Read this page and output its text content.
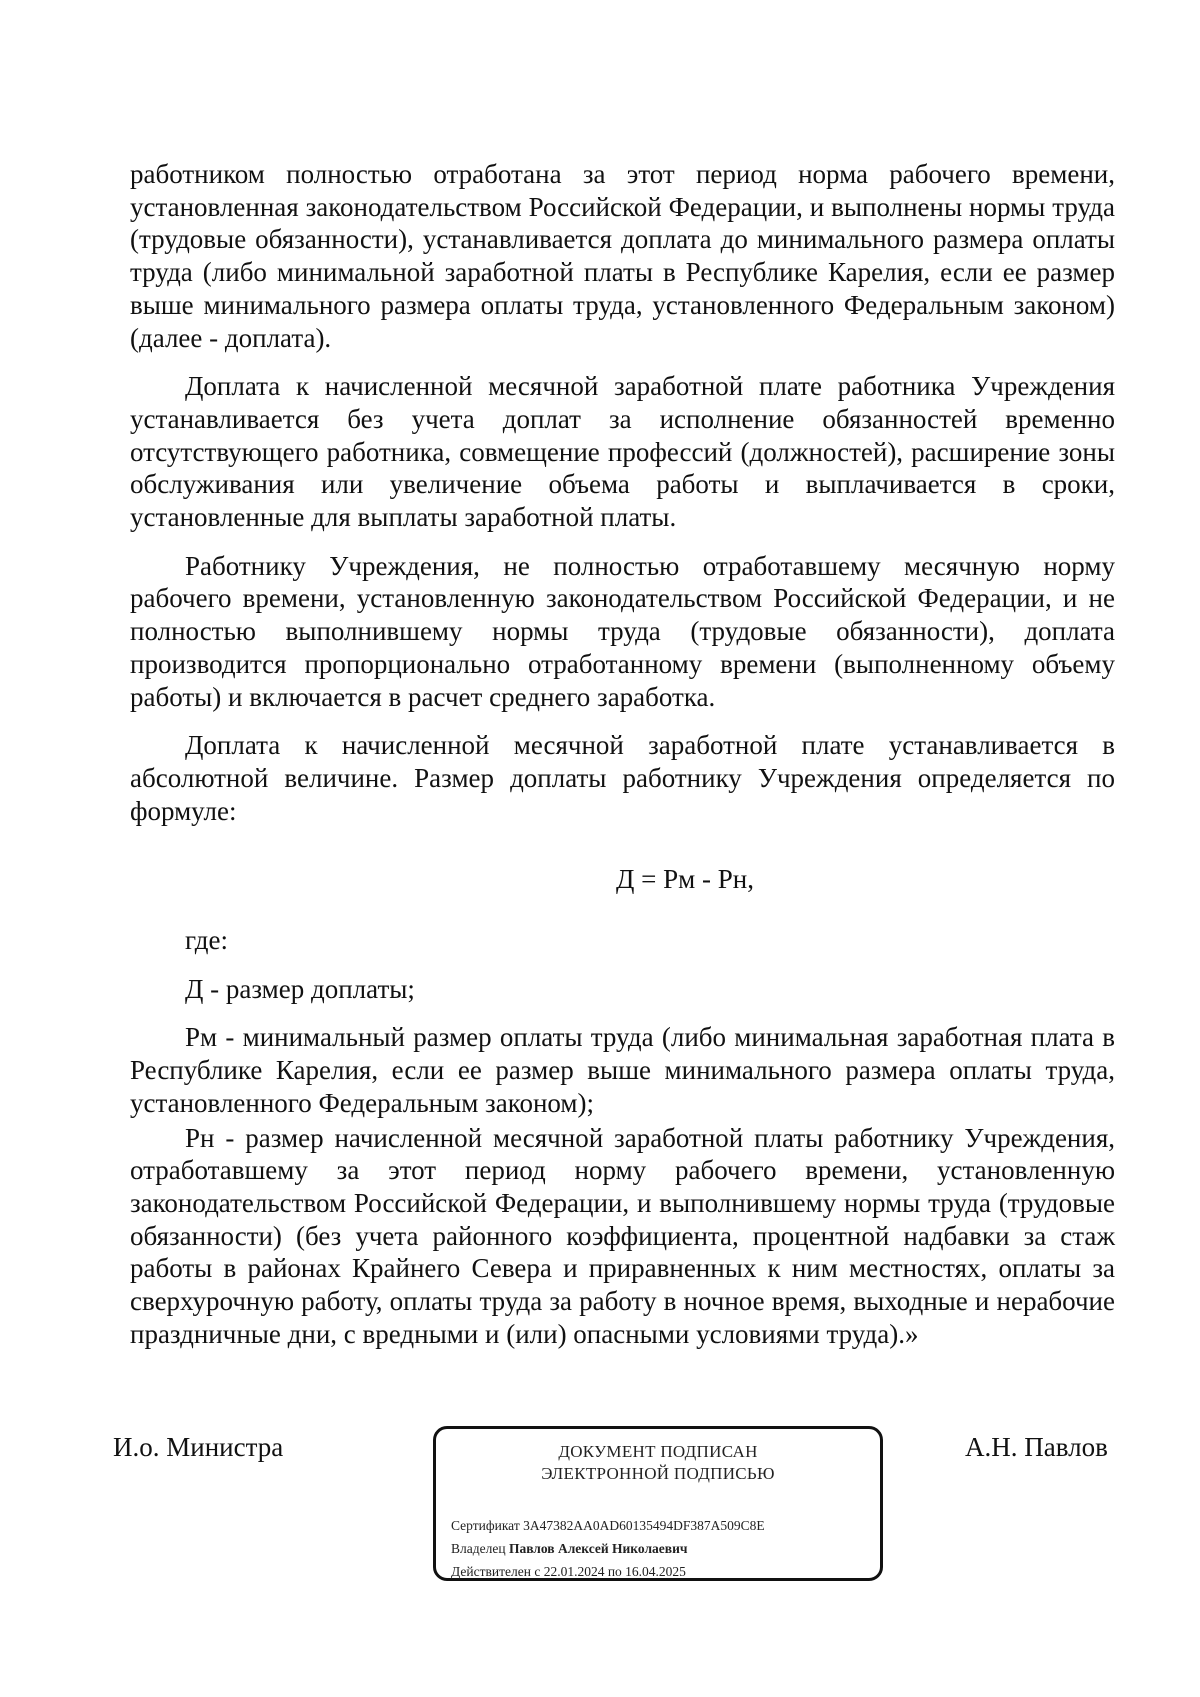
работником полностью отработана за этот период норма рабочего времени, установленная законодательством Российской Федерации, и выполнены нормы труда (трудовые обязанности), устанавливается доплата до минимального размера оплаты труда (либо минимальной заработной платы в Республике Карелия, если ее размер выше минимального размера оплаты труда, установленного Федеральным законом) (далее - доплата).

Доплата к начисленной месячной заработной плате работника Учреждения устанавливается без учета доплат за исполнение обязанностей временно отсутствующего работника, совмещение профессий (должностей), расширение зоны обслуживания или увеличение объема работы и выплачивается в сроки, установленные для выплаты заработной платы.

Работнику Учреждения, не полностью отработавшему месячную норму рабочего времени, установленную законодательством Российской Федерации, и не полностью выполнившему нормы труда (трудовые обязанности), доплата производится пропорционально отработанному времени (выполненному объему работы) и включается в расчет среднего заработка.

Доплата к начисленной месячной заработной плате устанавливается в абсолютной величине. Размер доплаты работнику Учреждения определяется по формуле:

Д = Рм - Рн,

где:

Д - размер доплаты;

Рм - минимальный размер оплаты труда (либо минимальная заработная плата в Республике Карелия, если ее размер выше минимального размера оплаты труда, установленного Федеральным законом);

Рн - размер начисленной месячной заработной платы работнику Учреждения, отработавшему за этот период норму рабочего времени, установленную законодательством Российской Федерации, и выполнившему нормы труда (трудовые обязанности) (без учета районного коэффициента, процентной надбавки за стаж работы в районах Крайнего Севера и приравненных к ним местностях, оплаты за сверхурочную работу, оплаты труда за работу в ночное время, выходные и нерабочие праздничные дни, с вредными и (или) опасными условиями труда).»

И.о. Министра	ДОКУМЕНТ ПОДПИСАН
ЭЛЕКТРОННОЙ ПОДПИСЬЮ
Сертификат 3A47382AA0AD60135494DF387A509C8E
Владелец Павлов Алексей Николаевич
Действителен с 22.01.2024 по 16.04.2025
А.Н. Павлов
